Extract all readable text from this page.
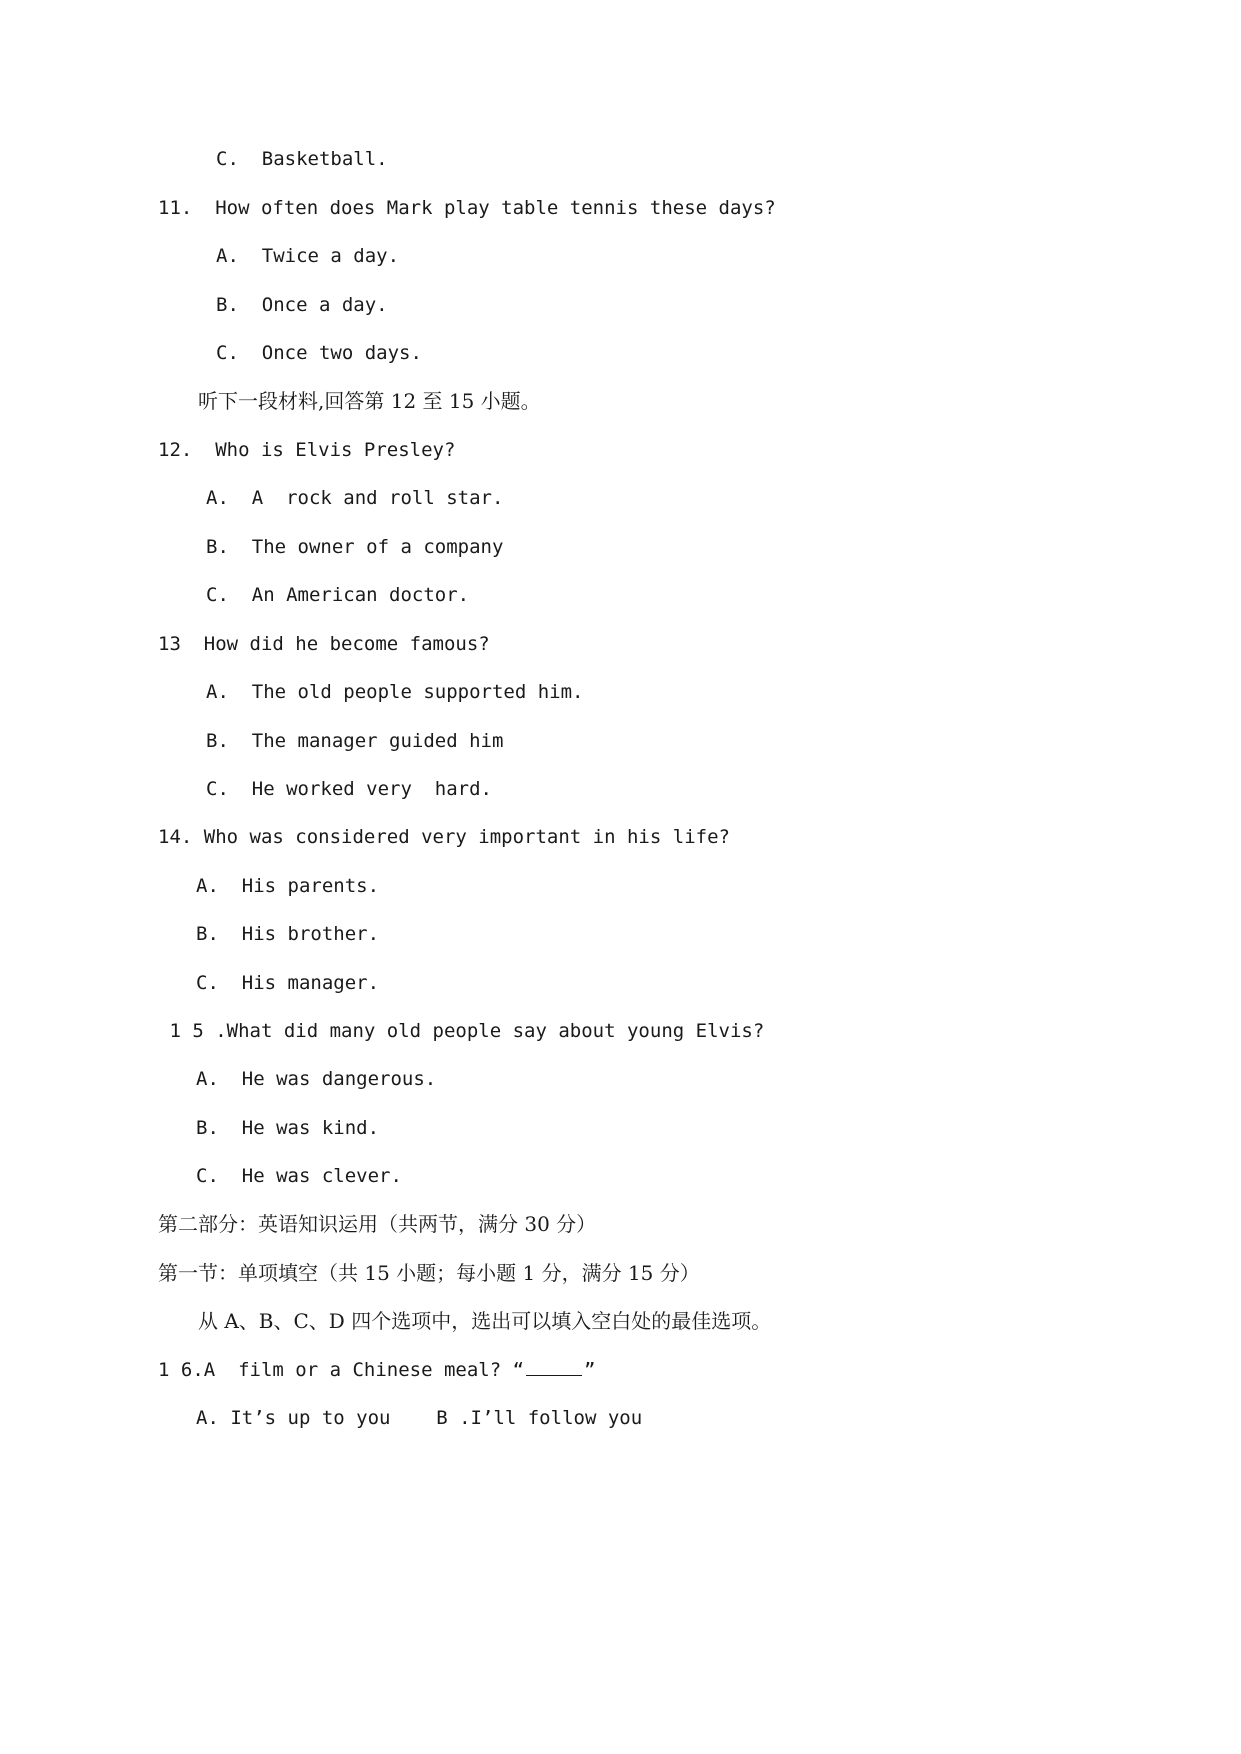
C.  Basketball.
11.  How often does Mark play table tennis these days?
A.  Twice a day.
B.  Once a day.
C.  Once two days.
听下一段材料,回答第 12 至 15 小题。
12.  Who is Elvis Presley?
A.  A  rock and roll star.
B.  The owner of a company
C.  An American doctor.
13  How did he become famous?
A.  The old people supported him.
B.  The manager guided him
C.  He worked very  hard.
14. Who was considered very important in his life?
A.  His parents.
B.  His brother.
C.  His manager.
1 5 .What did many old people say about young Elvis?
A.  He was dangerous.
B.  He was kind.
C.  He was clever.
第二部分：英语知识运用（共两节，满分 30 分）
第一节：单项填空（共 15 小题；每小题 1 分，满分 15 分）
从 A、B、C、D 四个选项中，选出可以填入空白处的最佳选项。
1 6.A  film or a Chinese meal? “	”
A. It’s up to you B .I’ll follow you
